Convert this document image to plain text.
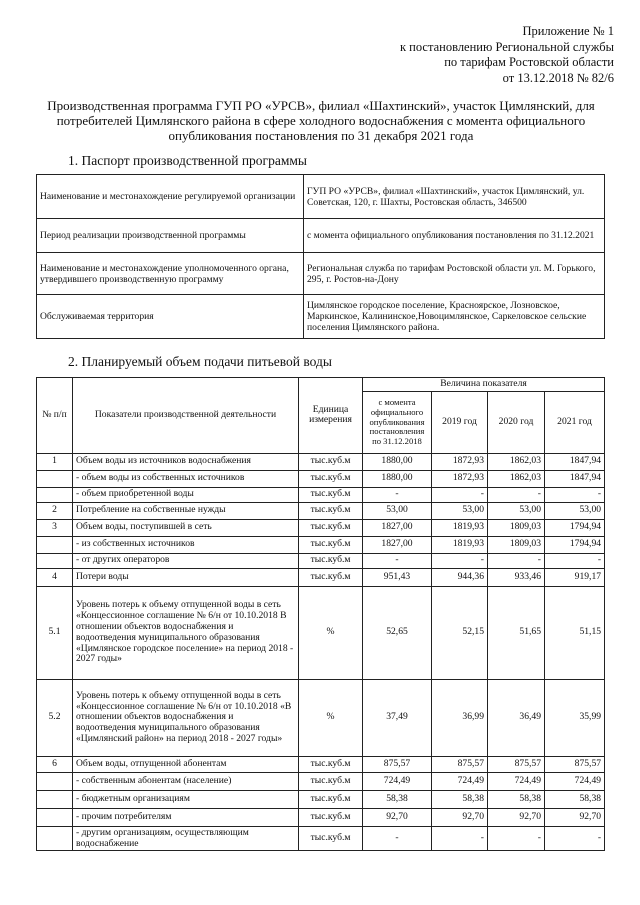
Приложение № 1
к постановлению Региональной службы
по тарифам Ростовской области
от 13.12.2018 № 82/6
Производственная программа ГУП РО «УРСВ», филиал «Шахтинский», участок Цимлянский, для потребителей Цимлянского района в сфере холодного водоснабжения с момента официального опубликования постановления по 31 декабря 2021 года
1. Паспорт производственной программы
Наименование и местонахождение регулируемой организации	ГУП РО «УРСВ», филиал «Шахтинский», участок Цимлянский, ул. Советская, 120, г. Шахты, Ростовская область, 346500
Период реализации производственной программы	с момента официального опубликования постановления по 31.12.2021
Наименование и местонахождение уполномоченного органа, утвердившего производственную программу	Региональная служба по тарифам Ростовской области ул. М. Горького, 295, г. Ростов-на-Дону
Обслуживаемая территория	Цимлянское городское поселение, Красноярское, Лозновское, Маркинское, Калининское,Новоцимлянское, Саркеловское сельские поселения Цимлянского района.
2. Планируемый объем подачи питьевой воды
№ п/п	Показатели производственной деятельности	Единица измерения	Величина показателя			
			с момента официального опубликования постановления по 31.12.2018	2019 год	2020 год	2021 год
1	Объем воды из источников водоснабжения	тыс.куб.м	1880,00	1872,93	1862,03	1847,94
	- объем воды из собственных источников	тыс.куб.м	1880,00	1872,93	1862,03	1847,94
	- объем приобретенной воды	тыс.куб.м	-	-	-	-
2	Потребление на собственные нужды	тыс.куб.м	53,00	53,00	53,00	53,00
3	Объем воды, поступившей в сеть	тыс.куб.м	1827,00	1819,93	1809,03	1794,94
	- из собственных источников	тыс.куб.м	1827,00	1819,93	1809,03	1794,94
	- от других операторов	тыс.куб.м	-	-	-	-
4	Потери воды	тыс.куб.м	951,43	944,36	933,46	919,17
5.1	Уровень потерь к объему отпущенной воды в сеть «Концессионное соглашение № 6/н от 10.10.2018 В отношении объектов водоснабжения и водоотведения муниципального образования «Цимлянское городское поселение» на период 2018 - 2027 годы»	%	52,65	52,15	51,65	51,15
5.2	Уровень потерь к объему отпущенной воды в сеть «Концессионное соглашение № 6/н от 10.10.2018 «В отношении объектов водоснабжения и водоотведения муниципального образования «Цимлянский район» на период 2018 - 2027 годы»	%	37,49	36,99	36,49	35,99
6	Объем воды, отпущенной абонентам	тыс.куб.м	875,57	875,57	875,57	875,57
	- собственным абонентам (население)	тыс.куб.м	724,49	724,49	724,49	724,49
	- бюджетным организациям	тыс.куб.м	58,38	58,38	58,38	58,38
	- прочим потребителям	тыс.куб.м	92,70	92,70	92,70	92,70
	- другим организациям, осуществляющим водоснабжение	тыс.куб.м	-	-	-	-
